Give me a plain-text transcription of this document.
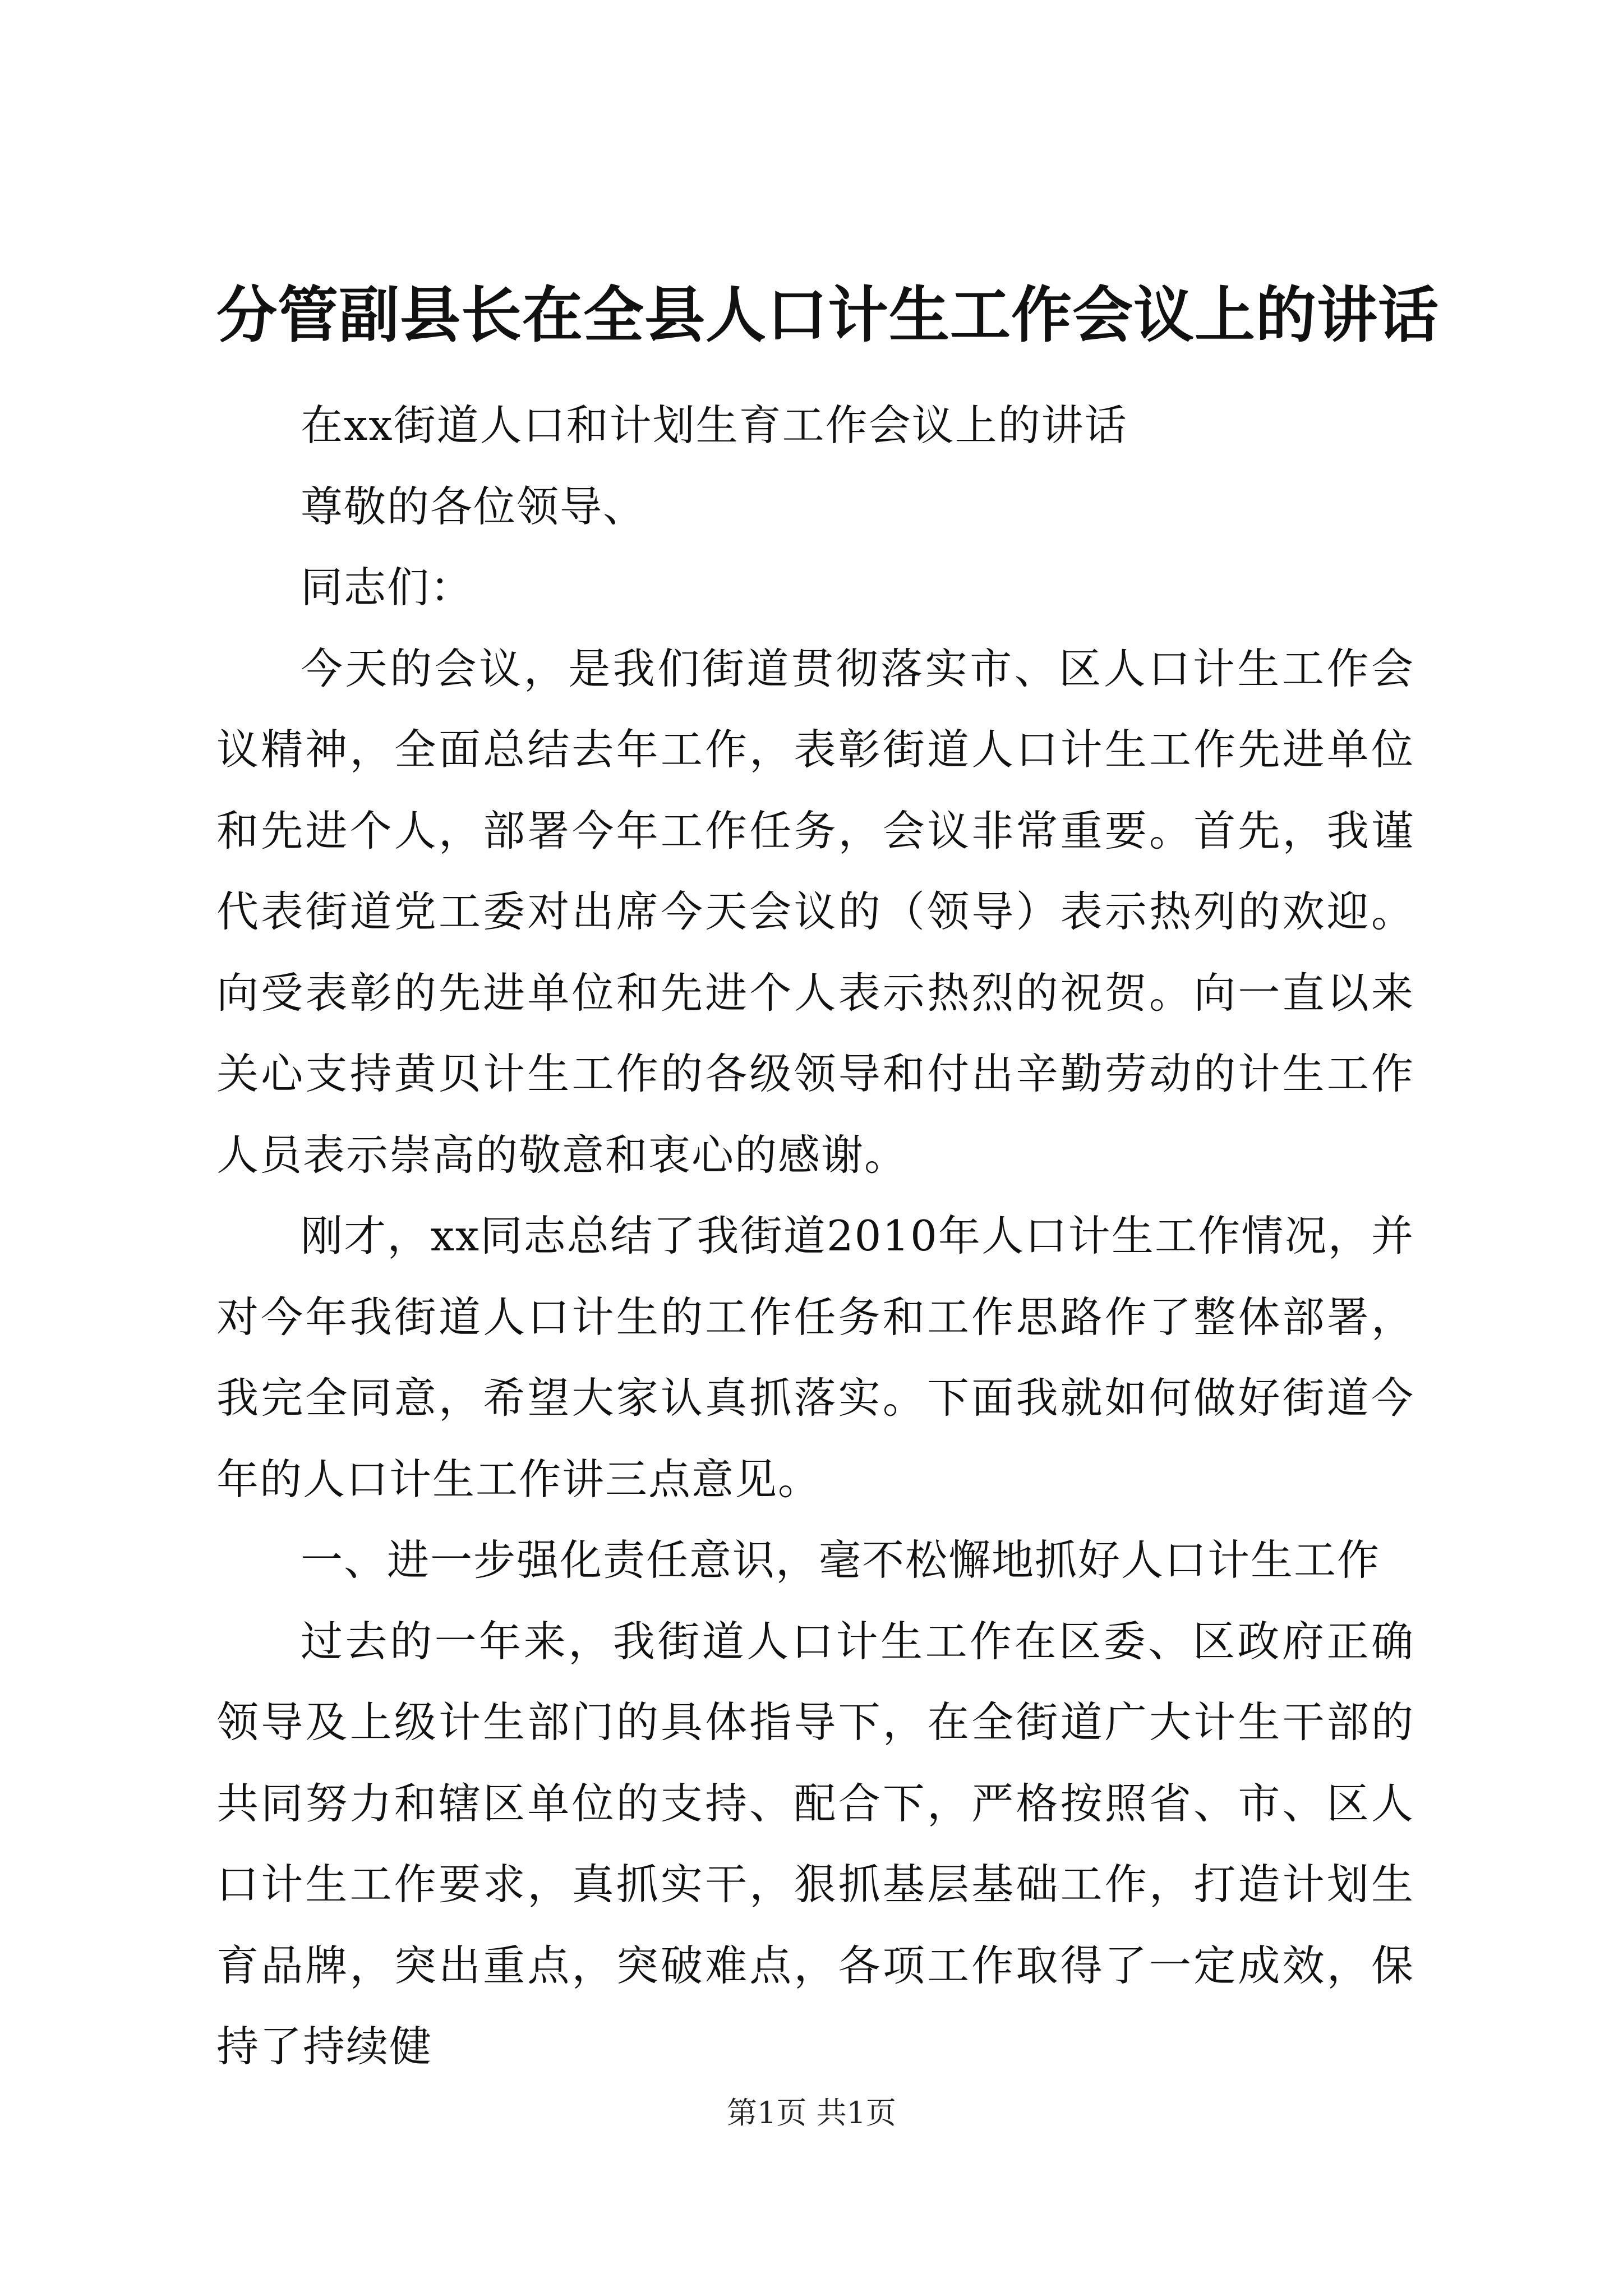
分管副县长在全县人口计生工作会议上的讲话

在xx街道人口和计划生育工作会议上的讲话

尊敬的各位领导、

同志们：

今天的会议，是我们街道贯彻落实市、区人口计生工作会议精神，全面总结去年工作，表彰街道人口计生工作先进单位和先进个人，部署今年工作任务，会议非常重要。首先，我谨代表街道党工委对出席今天会议的（领导）表示热列的欢迎。向受表彰的先进单位和先进个人表示热烈的祝贺。向一直以来关心支持黄贝计生工作的各级领导和付出辛勤劳动的计生工作人员表示崇高的敬意和衷心的感谢。

刚才，xx同志总结了我街道2010年人口计生工作情况，并对今年我街道人口计生的工作任务和工作思路作了整体部署，我完全同意，希望大家认真抓落实。下面我就如何做好街道今年的人口计生工作讲三点意见。

一、进一步强化责任意识，毫不松懈地抓好人口计生工作

过去的一年来，我街道人口计生工作在区委、区政府正确领导及上级计生部门的具体指导下，在全街道广大计生干部的共同努力和辖区单位的支持、配合下，严格按照省、市、区人口计生工作要求，真抓实干，狠抓基层基础工作，打造计划生育品牌，突出重点，突破难点，各项工作取得了一定成效，保持了持续健

第1页 共1页
